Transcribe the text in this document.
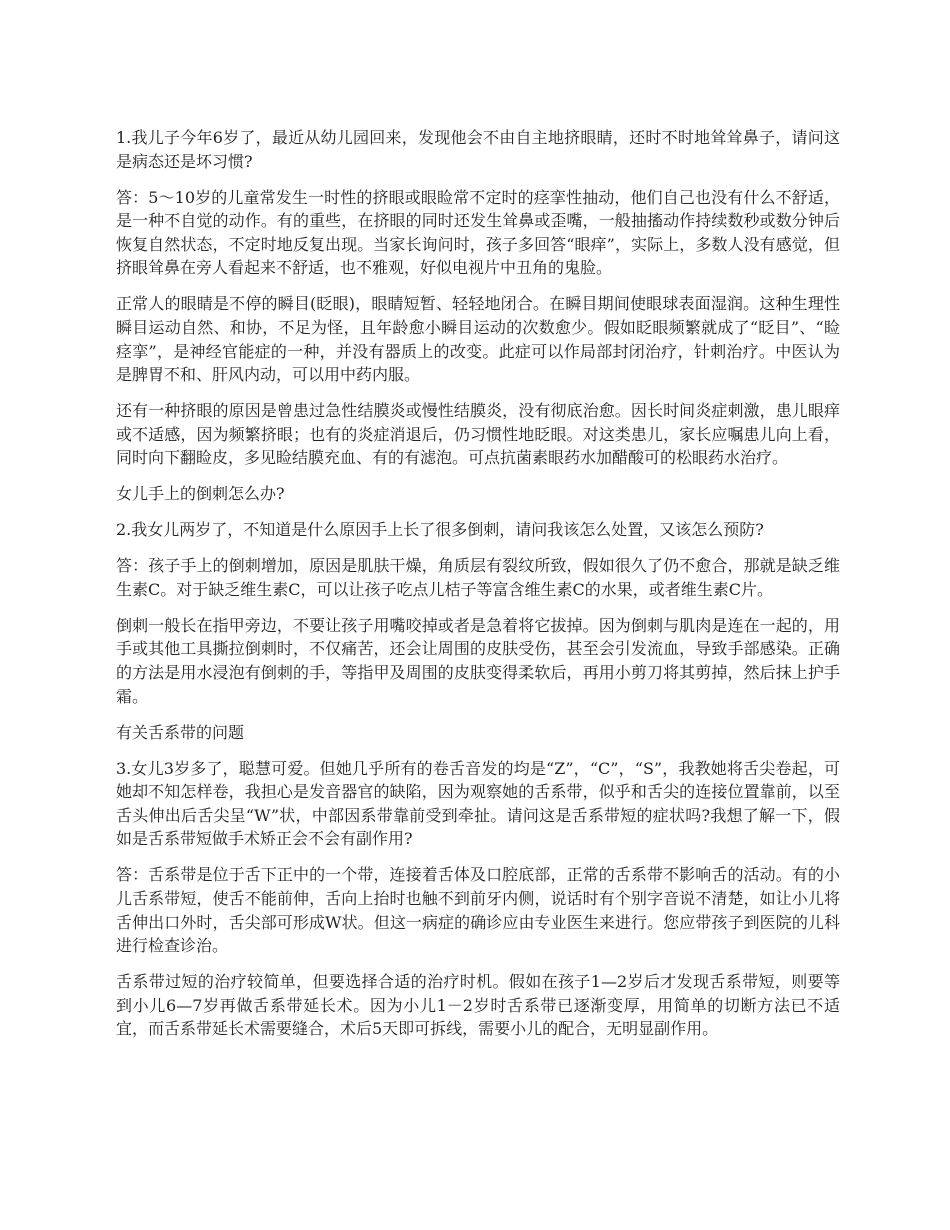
1.我儿子今年6岁了，最近从幼儿园回来，发现他会不由自主地挤眼睛，还时不时地耸耸鼻子，请问这是病态还是坏习惯?

答：5～10岁的儿童常发生一时性的挤眼或眼睑常不定时的痉挛性抽动，他们自己也没有什么不舒适，是一种不自觉的动作。有的重些，在挤眼的同时还发生耸鼻或歪嘴，一般抽搐动作持续数秒或数分钟后恢复自然状态，不定时地反复出现。当家长询问时，孩子多回答“眼痒”，实际上，多数人没有感觉，但挤眼耸鼻在旁人看起来不舒适，也不雅观，好似电视片中丑角的鬼脸。

正常人的眼睛是不停的瞬目(眨眼)，眼睛短暂、轻轻地闭合。在瞬目期间使眼球表面湿润。这种生理性瞬目运动自然、和协，不足为怪，且年龄愈小瞬目运动的次数愈少。假如眨眼频繁就成了“眨目”、“睑痉挛”，是神经官能症的一种，并没有器质上的改变。此症可以作局部封闭治疗，针刺治疗。中医认为是脾胃不和、肝风内动，可以用中药内服。

还有一种挤眼的原因是曾患过急性结膜炎或慢性结膜炎，没有彻底治愈。因长时间炎症刺激，患儿眼痒或不适感，因为频繁挤眼；也有的炎症消退后，仍习惯性地眨眼。对这类患儿，家长应嘱患儿向上看，同时向下翻睑皮，多见睑结膜充血、有的有滤泡。可点抗菌素眼药水加醋酸可的松眼药水治疗。

女儿手上的倒刺怎么办?

2.我女儿两岁了，不知道是什么原因手上长了很多倒刺，请问我该怎么处置，又该怎么预防?

答：孩子手上的倒刺增加，原因是肌肤干燥，角质层有裂纹所致，假如很久了仍不愈合，那就是缺乏维生素C。对于缺乏维生素C，可以让孩子吃点儿桔子等富含维生素C的水果，或者维生素C片。

倒刺一般长在指甲旁边，不要让孩子用嘴咬掉或者是急着将它拔掉。因为倒刺与肌肉是连在一起的，用手或其他工具撕拉倒刺时，不仅痛苦，还会让周围的皮肤受伤，甚至会引发流血，导致手部感染。正确的方法是用水浸泡有倒刺的手，等指甲及周围的皮肤变得柔软后，再用小剪刀将其剪掉，然后抹上护手霜。

有关舌系带的问题

3.女儿3岁多了，聪慧可爱。但她几乎所有的卷舌音发的均是“Z”，“C”，“S”，我教她将舌尖卷起，可她却不知怎样卷，我担心是发音器官的缺陷，因为观察她的舌系带，似乎和舌尖的连接位置靠前，以至舌头伸出后舌尖呈“W”状，中部因系带靠前受到牵扯。请问这是舌系带短的症状吗?我想了解一下，假如是舌系带短做手术矫正会不会有副作用?

答：舌系带是位于舌下正中的一个带，连接着舌体及口腔底部，正常的舌系带不影响舌的活动。有的小儿舌系带短，使舌不能前伸，舌向上抬时也触不到前牙内侧，说话时有个别字音说不清楚，如让小儿将舌伸出口外时，舌尖部可形成W状。但这一病症的确诊应由专业医生来进行。您应带孩子到医院的儿科进行检查诊治。

舌系带过短的治疗较简单，但要选择合适的治疗时机。假如在孩子1—2岁后才发现舌系带短，则要等到小儿6—7岁再做舌系带延长术。因为小儿1－2岁时舌系带已逐渐变厚，用简单的切断方法已不适宜，而舌系带延长术需要缝合，术后5天即可拆线，需要小儿的配合，无明显副作用。
